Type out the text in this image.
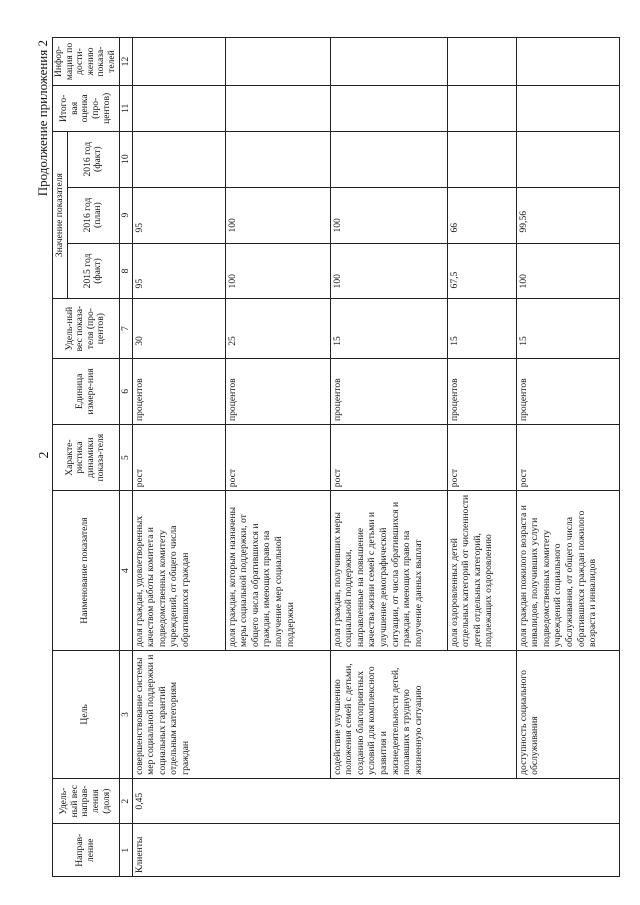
2
Продолжение приложения 2
Направ-ление	Удель-ный вес направ-ления (доля)	Цель	Наименование показателя	Характе-ристика динамики показа-теля	Единица измере-ния	Удель-ный вес показа-теля (про-центов)	Значение показателя			Итого-вая оценка (про-центов)	Инфор-мация по дости-жению показа-телей
							2015 год (факт)	2016 год (план)	2016 год (факт)		
1	2	3	4	5	6	7	8	9	10	11	12
Клиенты	0,45	совершенствование системы мер социальной поддержки и социальных гарантий отдельным категориям граждан	доля граждан, удовлетворенных качеством работы комитета и подведомственных комитету учреждений, от общего числа обратившихся граждан	рост	процентов	30	95	95			
			доля граждан, которым назначены меры социальной поддержки, от общего числа обратившихся и граждан, имеющих право на получение мер социальной поддержки	рост	процентов	25	100	100			
		содействие улучшению положения семей с детьми, созданию благоприятных условий для комплексного развития и жизнедеятельности детей, попавших в трудную жизненную ситуацию	доля граждан, получивших меры социальной поддержки, направленные на повышение качества жизни семей с детьми и улучшение демографической ситуации, от числа обратившихся и граждан, имеющих право на получение данных выплат	рост	процентов	15	100	100			
			доля оздоровленных детей отдельных категорий от численности детей отдельных категорий, подлежащих оздоровлению	рост	процентов	15	67,5	66			
		доступность социального обслуживания	доля граждан пожилого возраста и инвалидов, получивших услуги подведомственных комитету учреждений социального обслуживания, от общего числа обратившихся граждан пожилого возраста и инвалидов	рост	процентов	15	100	99,56			
